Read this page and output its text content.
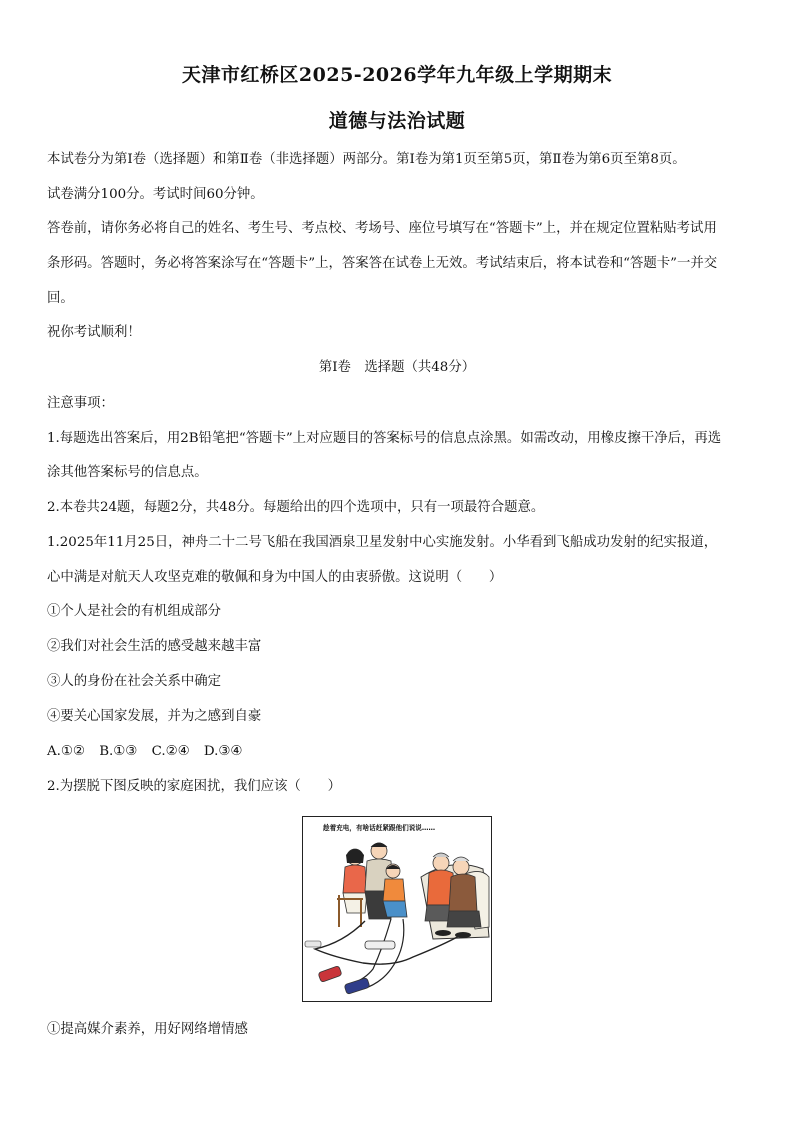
天津市红桥区2025-2026学年九年级上学期期末
道德与法治试题
本试卷分为第Ⅰ卷（选择题）和第Ⅱ卷（非选择题）两部分。第Ⅰ卷为第1页至第5页，第Ⅱ卷为第6页至第8页。
试卷满分100分。考试时间60分钟。
答卷前，请你务必将自己的姓名、考生号、考点校、考场号、座位号填写在“答题卡”上，并在规定位置粘贴考试用
条形码。答题时，务必将答案涂写在“答题卡”上，答案答在试卷上无效。考试结束后，将本试卷和“答题卡”一并交
回。
祝你考试顺利！
第Ⅰ卷　选择题（共48分）
注意事项：
1.每题选出答案后，用2B铅笔把“答题卡”上对应题目的答案标号的信息点涂黑。如需改动，用橡皮擦干净后，再选
涂其他答案标号的信息点。
2.本卷共24题，每题2分，共48分。每题给出的四个选项中，只有一项最符合题意。
1.2025年11月25日，神舟二十二号飞船在我国酒泉卫星发射中心实施发射。小华看到飞船成功发射的纪实报道，
心中满是对航天人攻坚克难的敬佩和身为中国人的由衷骄傲。这说明（　　）
①个人是社会的有机组成部分
②我们对社会生活的感受越来越丰富
③人的身份在社会关系中确定
④要关心国家发展，并为之感到自豪
A.①② B.①③ C.②④ D.③④
2.为摆脱下图反映的家庭困扰，我们应该（　　）
趁着充电，有啥话赶紧跟他们说说……
①提高媒介素养，用好网络增情感
